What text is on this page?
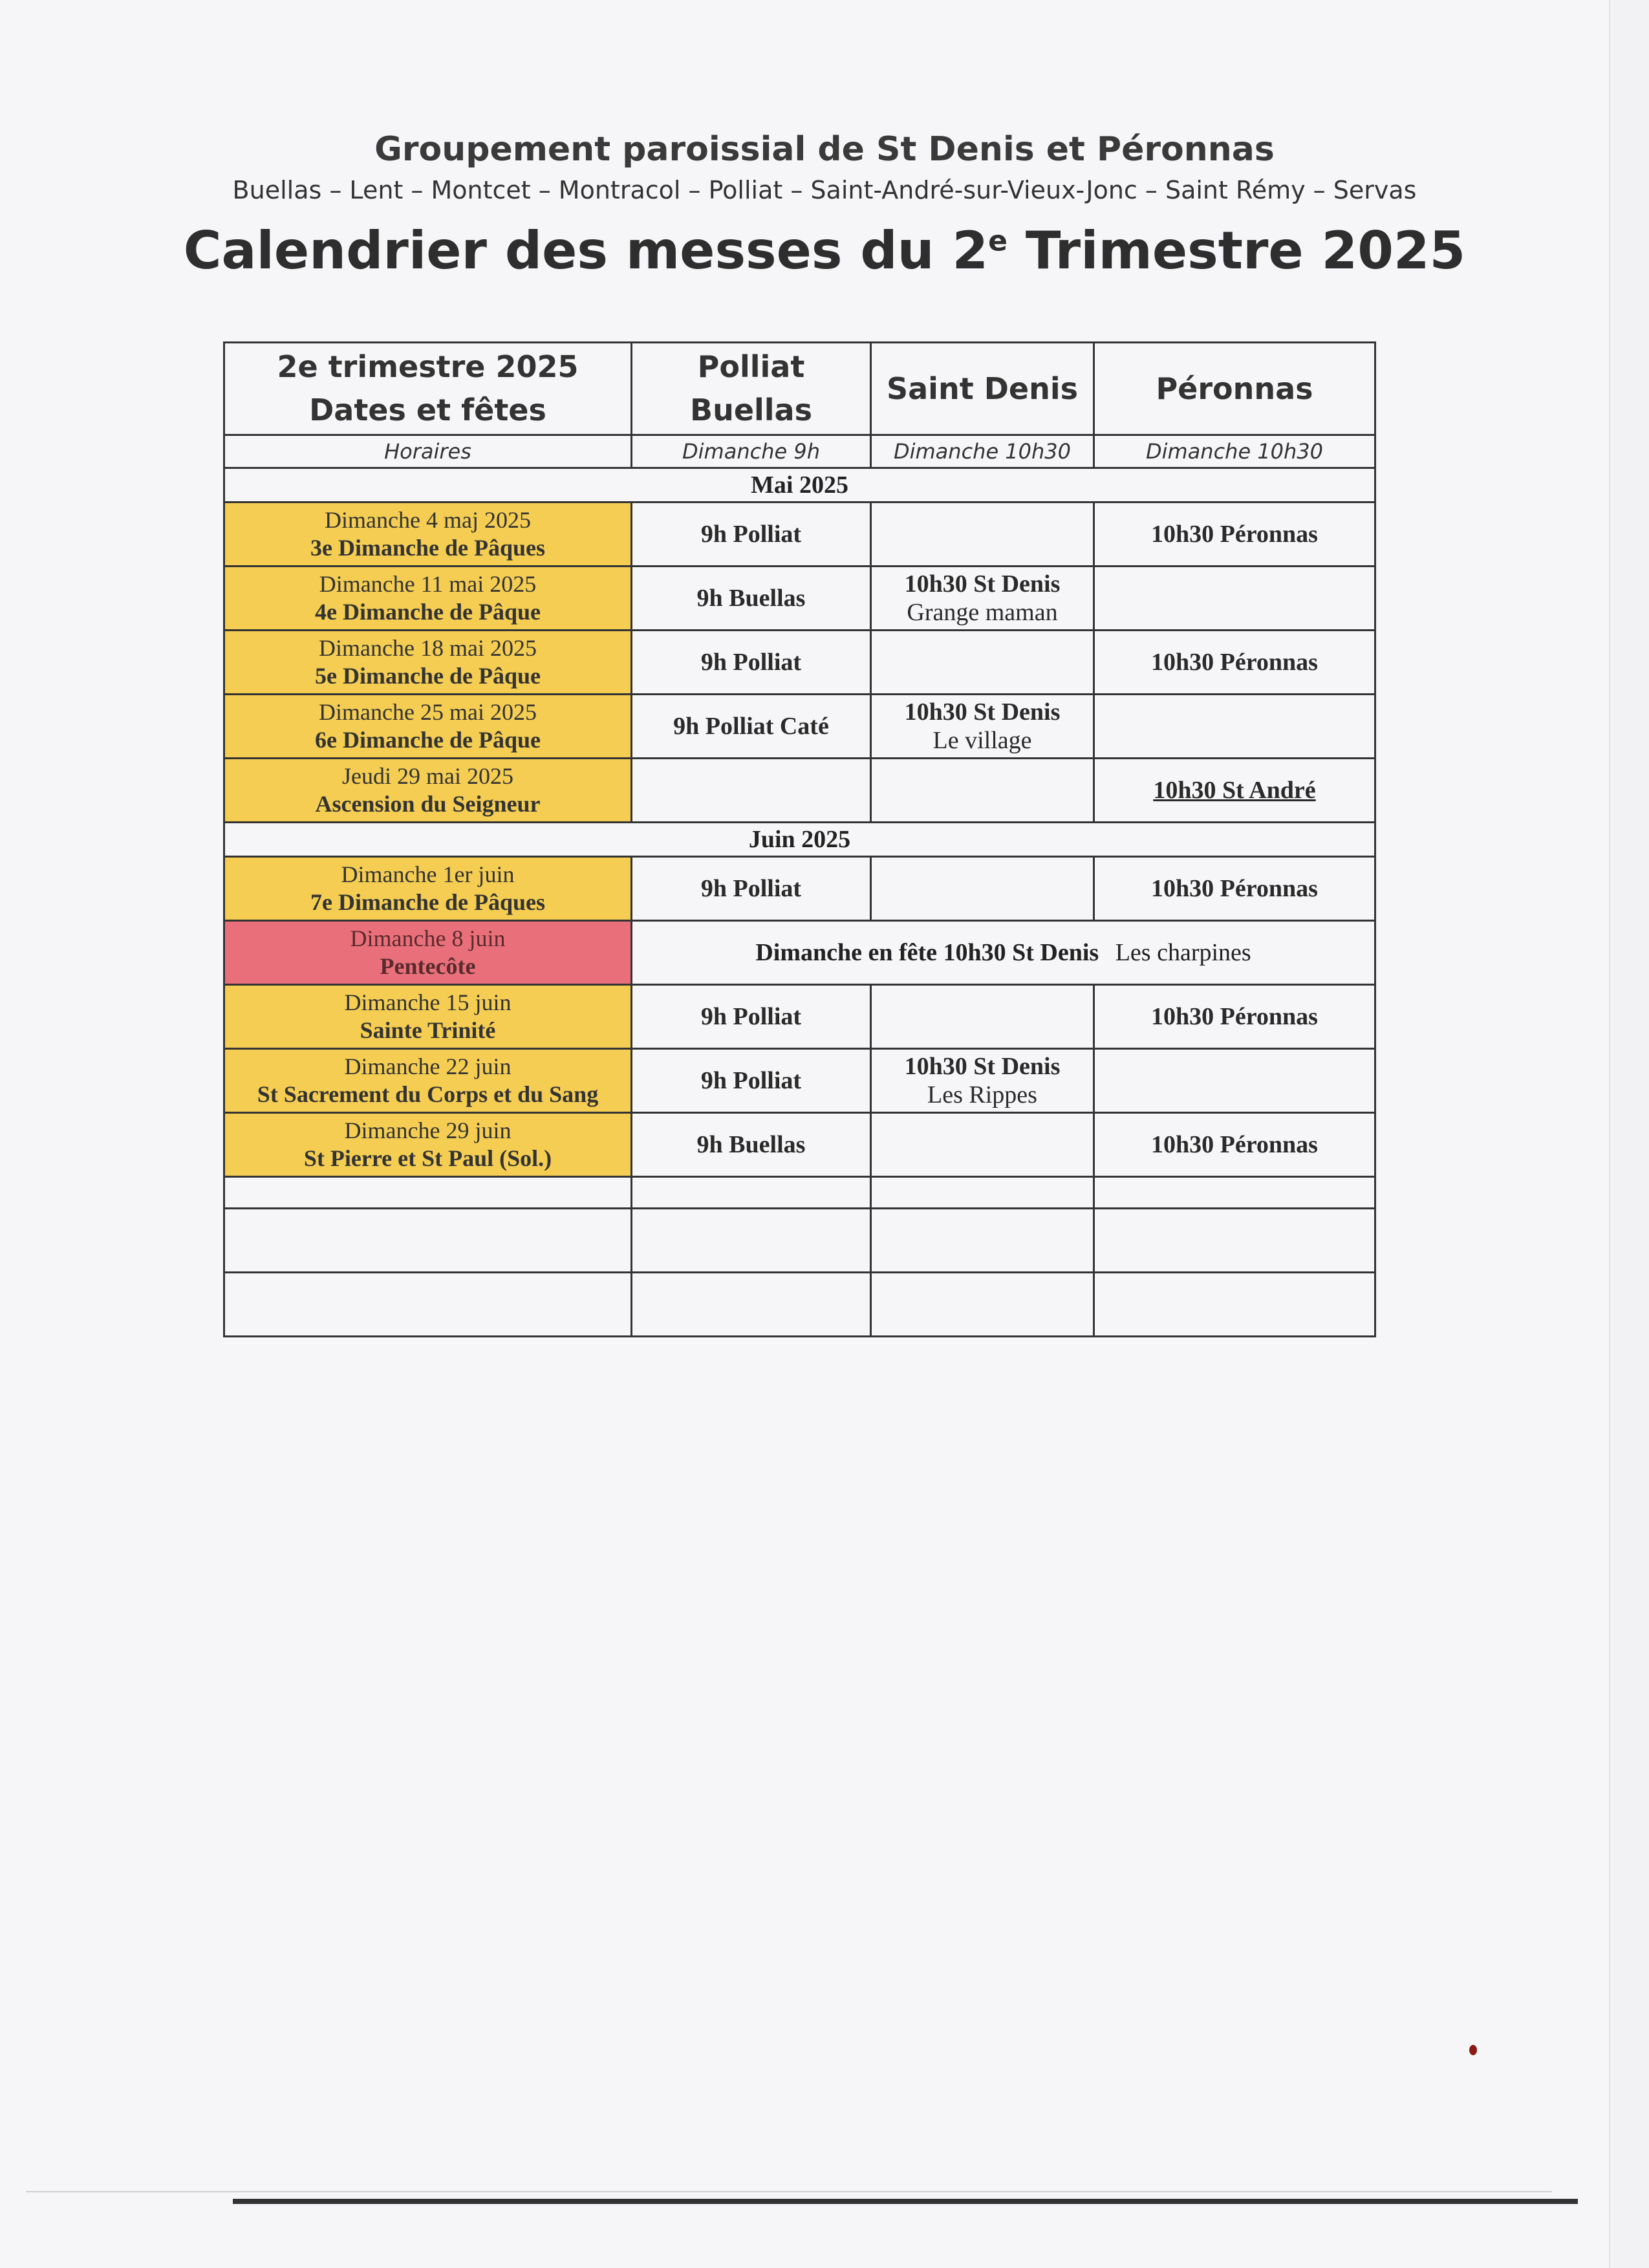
Groupement paroissial de St Denis et Péronnas

Buellas – Lent – Montcet – Montracol – Polliat – Saint-André-sur-Vieux-Jonc – Saint Rémy – Servas

Calendrier des messes du 2e Trimestre 2025

2e trimestre 2025
Dates et fêtes	Polliat
Buellas	Saint Denis	Péronnas
Horaires	Dimanche 9h	Dimanche 10h30	Dimanche 10h30
Mai 2025			

Dimanche 4 maj 2025
3e Dimanche de Pâques	9h Polliat		10h30 Péronnas

Dimanche 11 mai 2025
4e Dimanche de Pâque	9h Buellas	10h30 St Denis
Grange maman	

Dimanche 18 mai 2025
5e Dimanche de Pâque	9h Polliat		10h30 Péronnas

Dimanche 25 mai 2025
6e Dimanche de Pâque	9h Polliat Caté	10h30 St Denis
Le village	

Jeudi 29 mai 2025
Ascension du Seigneur			10h30 St André
Juin 2025			

Dimanche 1er juin
7e Dimanche de Pâques	9h Polliat		10h30 Péronnas

Dimanche 8 juin
Pentecôte	Dimanche en fête 10h30 St Denis Les charpines		

Dimanche 15 juin
Sainte Trinité	9h Polliat		10h30 Péronnas

Dimanche 22 juin
St Sacrement du Corps et du Sang	9h Polliat	10h30 St Denis
Les Rippes	

Dimanche 29 juin
St Pierre et St Paul (Sol.)	9h Buellas		10h30 Péronnas
